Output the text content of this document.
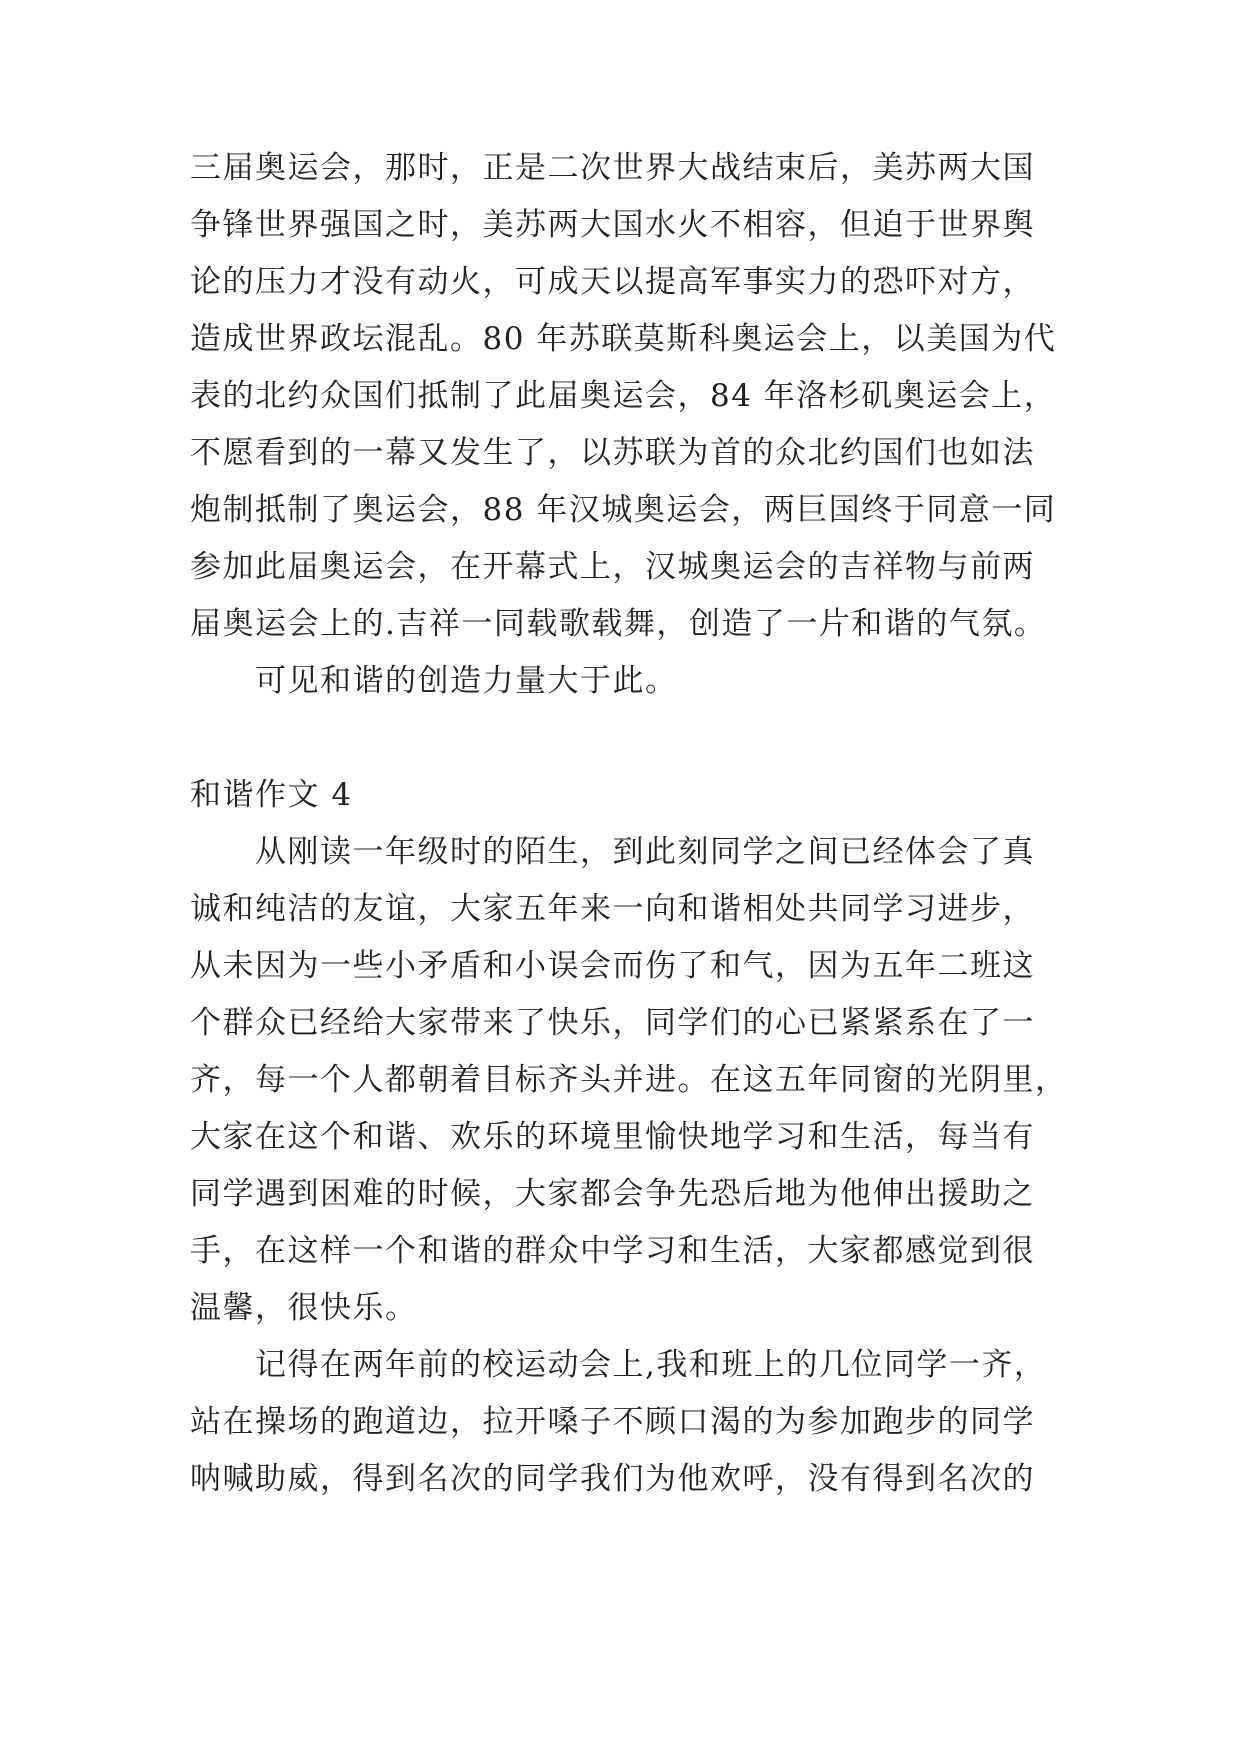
三届奥运会，那时，正是二次世界大战结束后，美苏两大国
争锋世界强国之时，美苏两大国水火不相容，但迫于世界舆
论的压力才没有动火，可成天以提高军事实力的恐吓对方，
造成世界政坛混乱。80 年苏联莫斯科奥运会上，以美国为代
表的北约众国们抵制了此届奥运会，84 年洛杉矶奥运会上，
不愿看到的一幕又发生了，以苏联为首的众北约国们也如法
炮制抵制了奥运会，88 年汉城奥运会，两巨国终于同意一同
参加此届奥运会，在开幕式上，汉城奥运会的吉祥物与前两
届奥运会上的.吉祥一同载歌载舞，创造了一片和谐的气氛。
可见和谐的创造力量大于此。
和谐作文 4
从刚读一年级时的陌生，到此刻同学之间已经体会了真
诚和纯洁的友谊，大家五年来一向和谐相处共同学习进步，
从未因为一些小矛盾和小误会而伤了和气，因为五年二班这
个群众已经给大家带来了快乐，同学们的心已紧紧系在了一
齐，每一个人都朝着目标齐头并进。在这五年同窗的光阴里，
大家在这个和谐、欢乐的环境里愉快地学习和生活，每当有
同学遇到困难的时候，大家都会争先恐后地为他伸出援助之
手，在这样一个和谐的群众中学习和生活，大家都感觉到很
温馨，很快乐。
记得在两年前的校运动会上,我和班上的几位同学一齐，
站在操场的跑道边，拉开嗓子不顾口渴的为参加跑步的同学
呐喊助威，得到名次的同学我们为他欢呼，没有得到名次的
